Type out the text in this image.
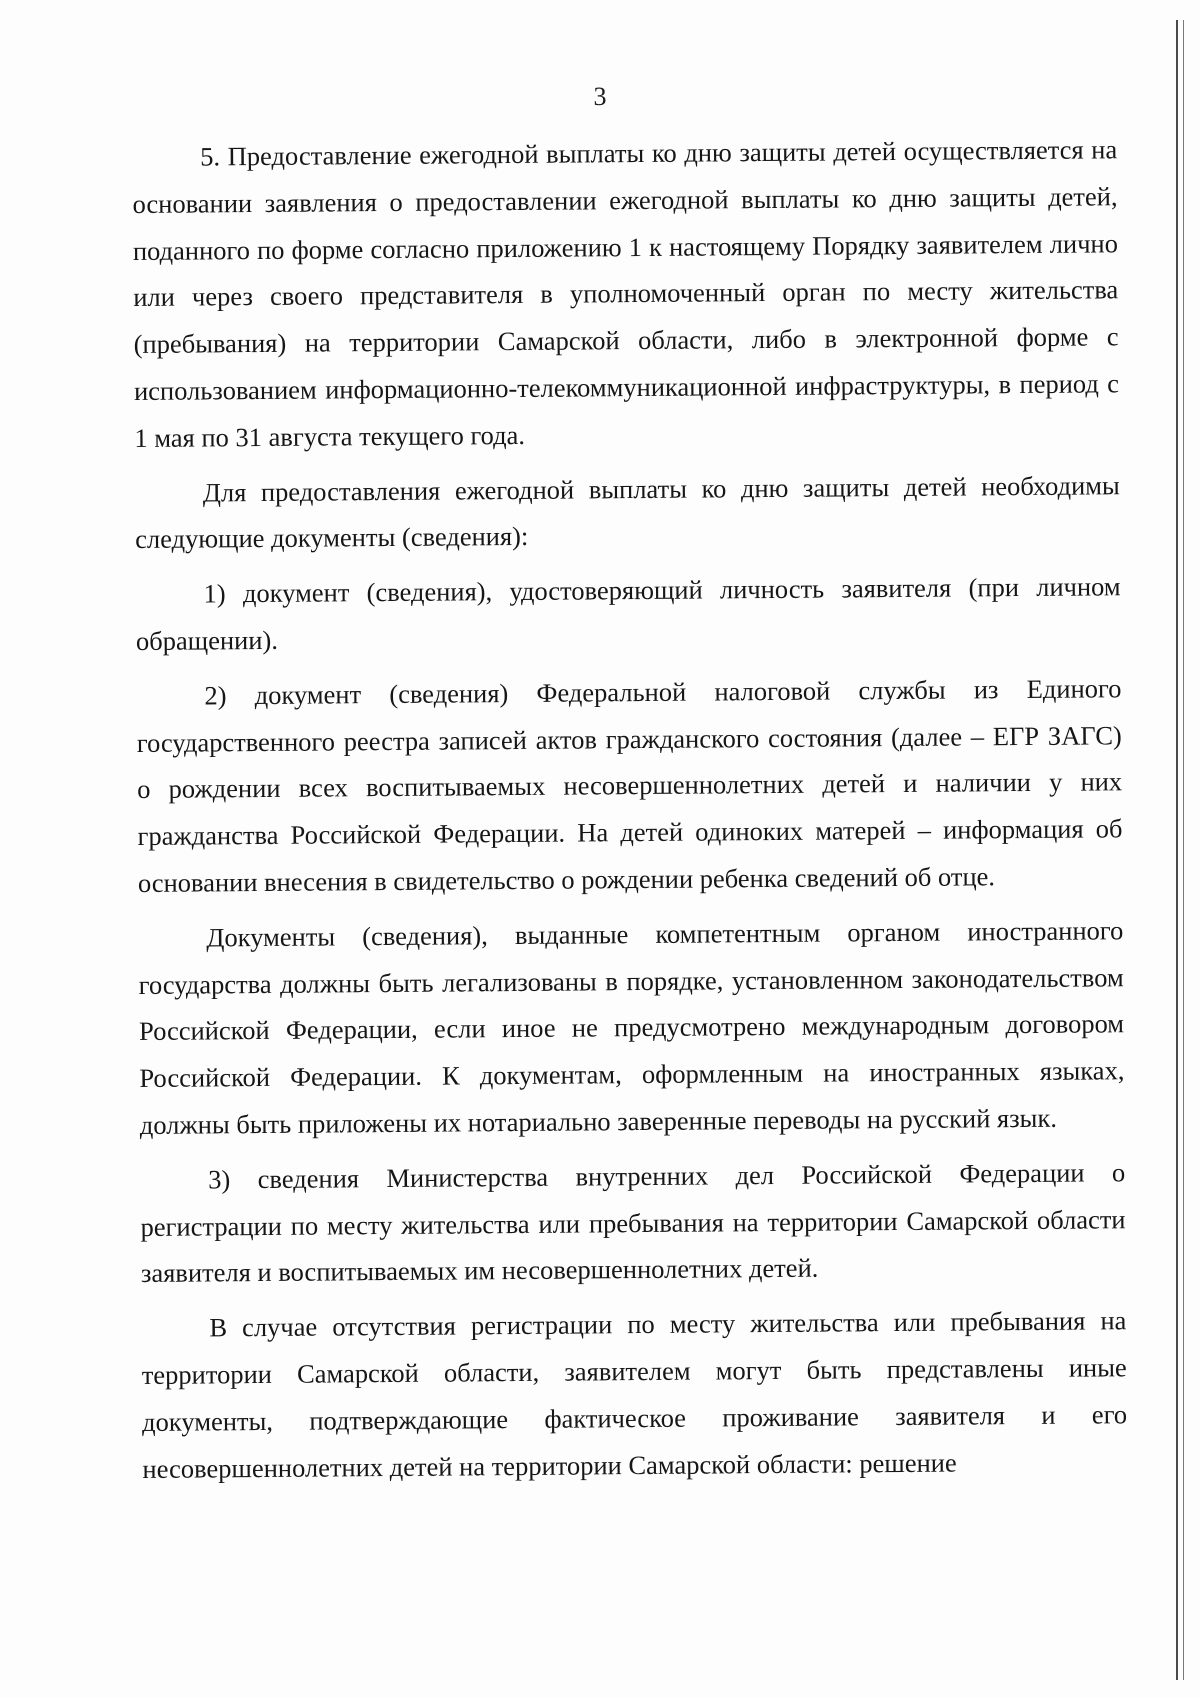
3

5. Предоставление ежегодной выплаты ко дню защиты детей осуществляется на основании заявления о предоставлении ежегодной выплаты ко дню защиты детей, поданного по форме согласно приложению 1 к настоящему Порядку заявителем лично или через своего представителя в уполномоченный орган по месту жительства (пребывания) на территории Самарской области, либо в электронной форме с использованием информационно-телекоммуникационной инфраструктуры, в период с 1 мая по 31 августа текущего года.

Для предоставления ежегодной выплаты ко дню защиты детей необходимы следующие документы (сведения):

1) документ (сведения), удостоверяющий личность заявителя (при личном обращении).

2) документ (сведения) Федеральной налоговой службы из Единого государственного реестра записей актов гражданского состояния (далее – ЕГР ЗАГС) о рождении всех воспитываемых несовершеннолетних детей и наличии у них гражданства Российской Федерации. На детей одиноких матерей – информация об основании внесения в свидетельство о рождении ребенка сведений об отце.

Документы (сведения), выданные компетентным органом иностранного государства должны быть легализованы в порядке, установленном законодательством Российской Федерации, если иное не предусмотрено международным договором Российской Федерации. К документам, оформленным на иностранных языках, должны быть приложены их нотариально заверенные переводы на русский язык.

3) сведения Министерства внутренних дел Российской Федерации о регистрации по месту жительства или пребывания на территории Самарской области заявителя и воспитываемых им несовершеннолетних детей.

В случае отсутствия регистрации по месту жительства или пребывания на территории Самарской области, заявителем могут быть представлены иные документы, подтверждающие фактическое проживание заявителя и его несовершеннолетних детей на территории Самарской области: решение
